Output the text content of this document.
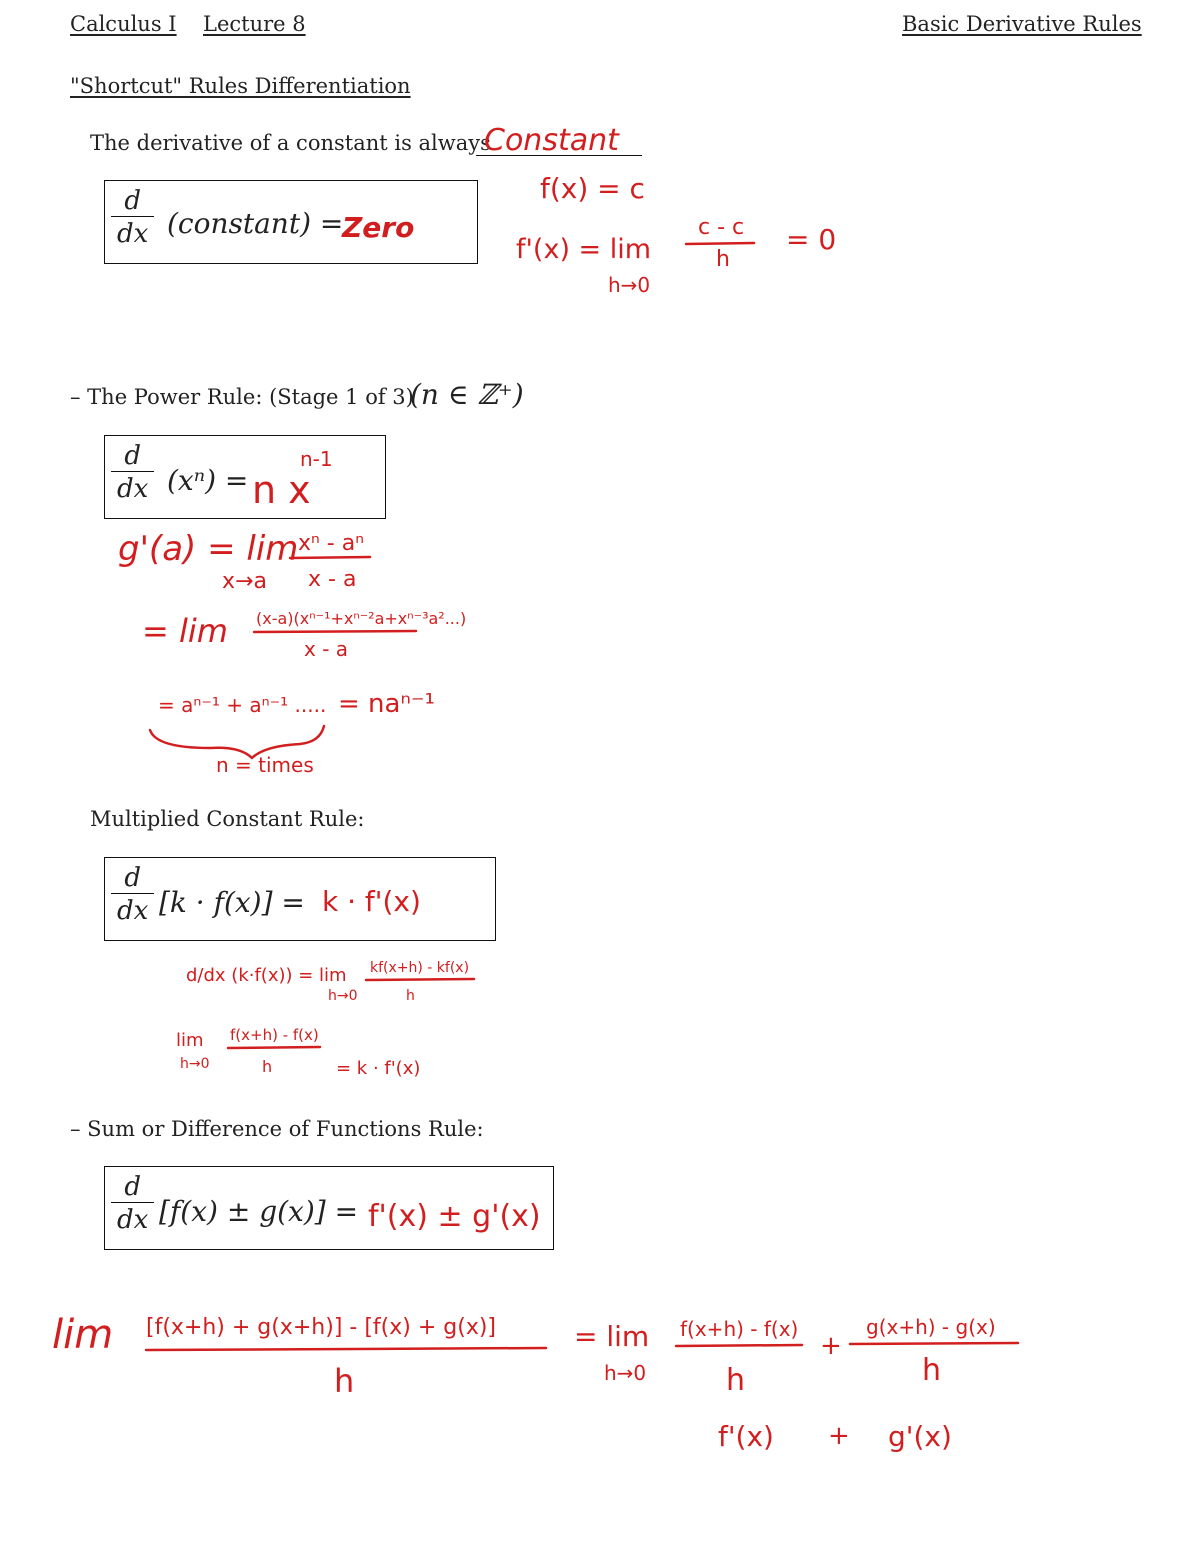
Calculus I Lecture 8	Basic Derivative Rules
"Shortcut" Rules Differentiation
The derivative of a constant is always
$\frac{d}{dx}$ (constant) =
– The Power Rule: (Stage 1 of 3)
(n ∈ ℤ⁺)
$\frac{d}{dx} (x^n)$ =
Multiplied Constant Rule:
$\frac{d}{dx} [k \cdot f(x)]$ =
– Sum or Difference of Functions Rule:
$\frac{d}{dx} [f(x) \pm g(x)]$ =
Constant
Zero
f(x) = c
f'(x) = lim
h→0
c - c
h
= 0
n x
n-1
g'(a) = lim
x→a
xⁿ - aⁿ
x - a
= lim (x-a)(xⁿ⁻¹+xⁿ⁻²a+xⁿ⁻³a²...)
x - a
= aⁿ⁻¹ + aⁿ⁻¹ ..... = naⁿ⁻¹
n = times
k · f'(x)
d/dx (k·f(x)) = lim
h→0
kf(x+h) - kf(x)
h
lim
h→0
f(x+h) - f(x)
h	= k · f'(x)
f'(x) ± g'(x)
lim [f(x+h) + g(x+h)] - [f(x) + g(x)]
h
= lim
h→0
f(x+h) - f(x)
h
+
g(x+h) - g(x)
h
f'(x) + g'(x)
